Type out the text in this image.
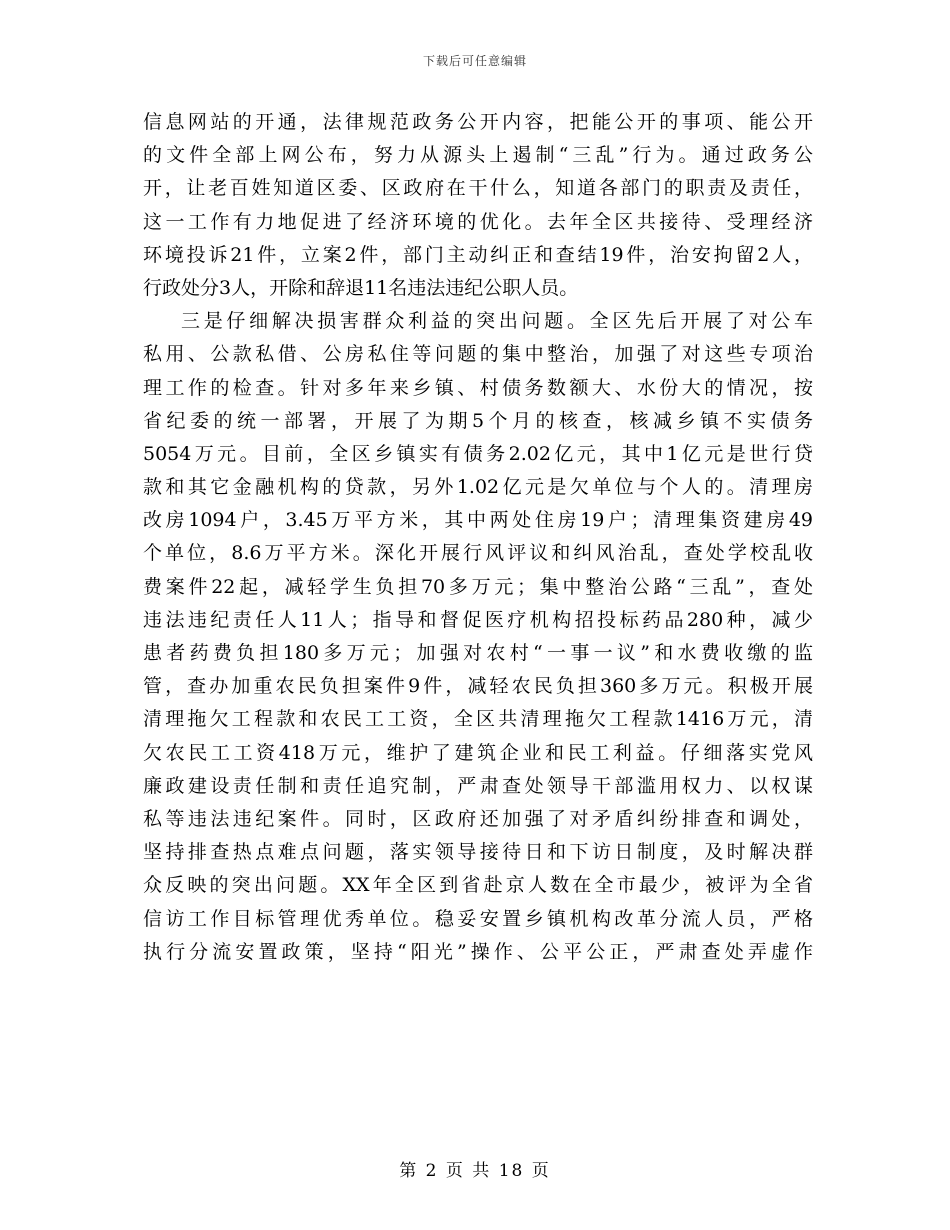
下载后可任意编辑
信息网站的开通，法律规范政务公开内容，把能公开的事项、能公开
的文件全部上网公布，努力从源头上遏制“三乱”行为。通过政务公
开，让老百姓知道区委、区政府在干什么，知道各部门的职责及责任，
这一工作有力地促进了经济环境的优化。去年全区共接待、受理经济
环境投诉21件，立案2件，部门主动纠正和查结19件，治安拘留2人，
行政处分3人，开除和辞退11名违法违纪公职人员。
三是仔细解决损害群众利益的突出问题。全区先后开展了对公车
私用、公款私借、公房私住等问题的集中整治，加强了对这些专项治
理工作的检查。针对多年来乡镇、村债务数额大、水份大的情况，按
省纪委的统一部署，开展了为期5个月的核查，核减乡镇不实债务
5054万元。目前，全区乡镇实有债务2.02亿元，其中1亿元是世行贷
款和其它金融机构的贷款，另外1.02亿元是欠单位与个人的。清理房
改房1094户，3.45万平方米，其中两处住房19户；清理集资建房49
个单位，8.6万平方米。深化开展行风评议和纠风治乱，查处学校乱收
费案件22起，减轻学生负担70多万元；集中整治公路“三乱”，查处
违法违纪责任人11人；指导和督促医疗机构招投标药品280种，减少
患者药费负担180多万元；加强对农村“一事一议”和水费收缴的监
管，查办加重农民负担案件9件，减轻农民负担360多万元。积极开展
清理拖欠工程款和农民工工资，全区共清理拖欠工程款1416万元，清
欠农民工工资418万元，维护了建筑企业和民工利益。仔细落实党风
廉政建设责任制和责任追究制，严肃查处领导干部滥用权力、以权谋
私等违法违纪案件。同时，区政府还加强了对矛盾纠纷排查和调处，
坚持排查热点难点问题，落实领导接待日和下访日制度，及时解决群
众反映的突出问题。XX年全区到省赴京人数在全市最少，被评为全省
信访工作目标管理优秀单位。稳妥安置乡镇机构改革分流人员，严格
执行分流安置政策，坚持“阳光”操作、公平公正，严肃查处弄虚作
第 2 页 共 18 页
